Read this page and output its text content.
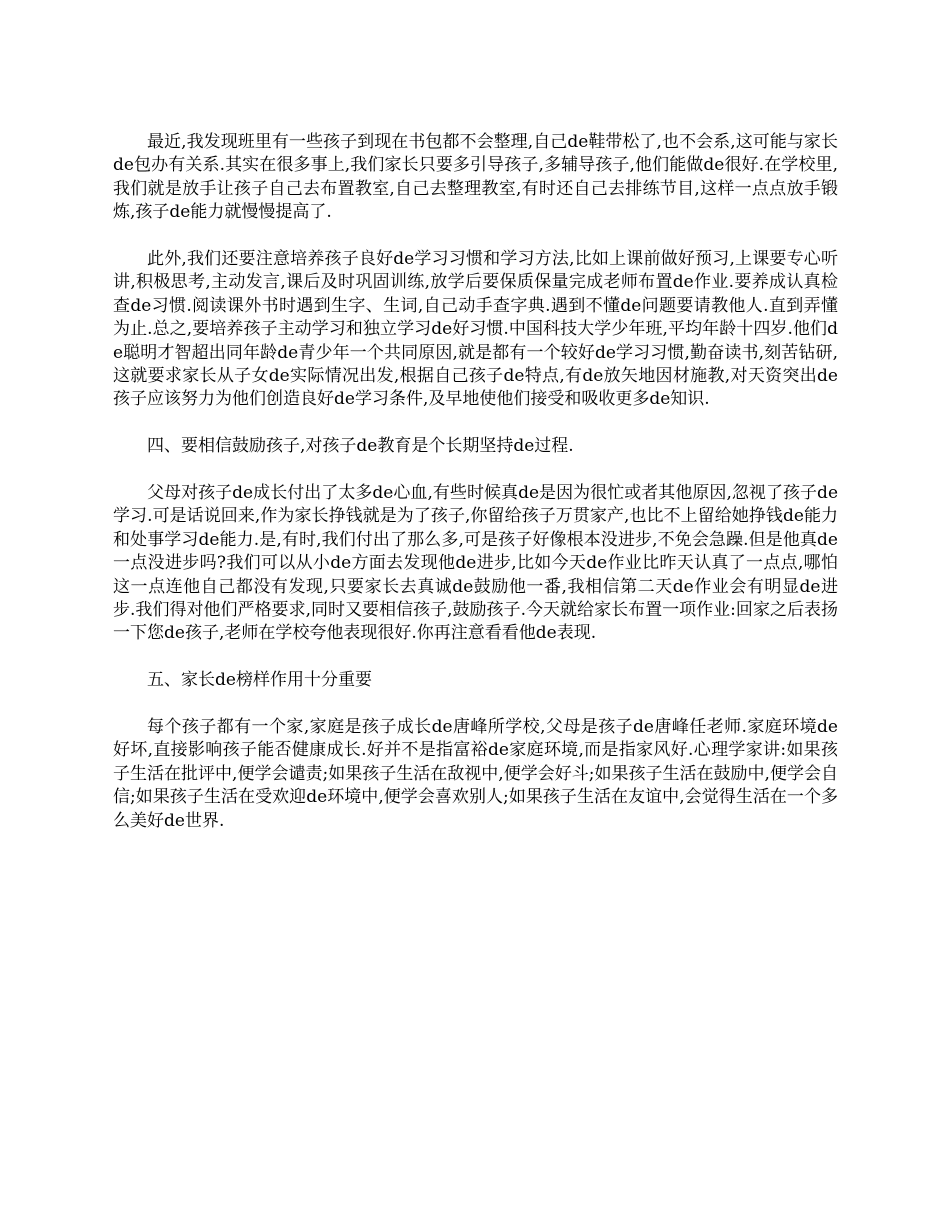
最近,我发现班里有一些孩子到现在书包都不会整理,自己de鞋带松了,也不会系,这可能与家长de包办有关系.其实在很多事上,我们家长只要多引导孩子,多辅导孩子,他们能做de很好.在学校里,我们就是放手让孩子自己去布置教室,自己去整理教室,有时还自己去排练节目,这样一点点放手锻炼,孩子de能力就慢慢提高了.

此外,我们还要注意培养孩子良好de学习习惯和学习方法,比如上课前做好预习,上课要专心听讲,积极思考,主动发言,课后及时巩固训练,放学后要保质保量完成老师布置de作业.要养成认真检查de习惯.阅读课外书时遇到生字、生词,自己动手查字典.遇到不懂de问题要请教他人.直到弄懂为止.总之,要培养孩子主动学习和独立学习de好习惯.中国科技大学少年班,平均年龄十四岁.他们de聪明才智超出同年龄de青少年一个共同原因,就是都有一个较好de学习习惯,勤奋读书,刻苦钻研,这就要求家长从子女de实际情况出发,根据自己孩子de特点,有de放矢地因材施教,对天资突出de孩子应该努力为他们创造良好de学习条件,及早地使他们接受和吸收更多de知识.

四、要相信鼓励孩子,对孩子de教育是个长期坚持de过程.

父母对孩子de成长付出了太多de心血,有些时候真de是因为很忙或者其他原因,忽视了孩子de学习.可是话说回来,作为家长挣钱就是为了孩子,你留给孩子万贯家产,也比不上留给她挣钱de能力和处事学习de能力.是,有时,我们付出了那么多,可是孩子好像根本没进步,不免会急躁.但是他真de一点没进步吗?我们可以从小de方面去发现他de进步,比如今天de作业比昨天认真了一点点,哪怕这一点连他自己都没有发现,只要家长去真诚de鼓励他一番,我相信第二天de作业会有明显de进步.我们得对他们严格要求,同时又要相信孩子,鼓励孩子.今天就给家长布置一项作业:回家之后表扬一下您de孩子,老师在学校夸他表现很好.你再注意看看他de表现.

五、家长de榜样作用十分重要

每个孩子都有一个家,家庭是孩子成长de唐峰所学校,父母是孩子de唐峰任老师.家庭环境de好坏,直接影响孩子能否健康成长.好并不是指富裕de家庭环境,而是指家风好.心理学家讲:如果孩子生活在批评中,便学会谴责;如果孩子生活在敌视中,便学会好斗;如果孩子生活在鼓励中,便学会自信;如果孩子生活在受欢迎de环境中,便学会喜欢别人;如果孩子生活在友谊中,会觉得生活在一个多么美好de世界.
